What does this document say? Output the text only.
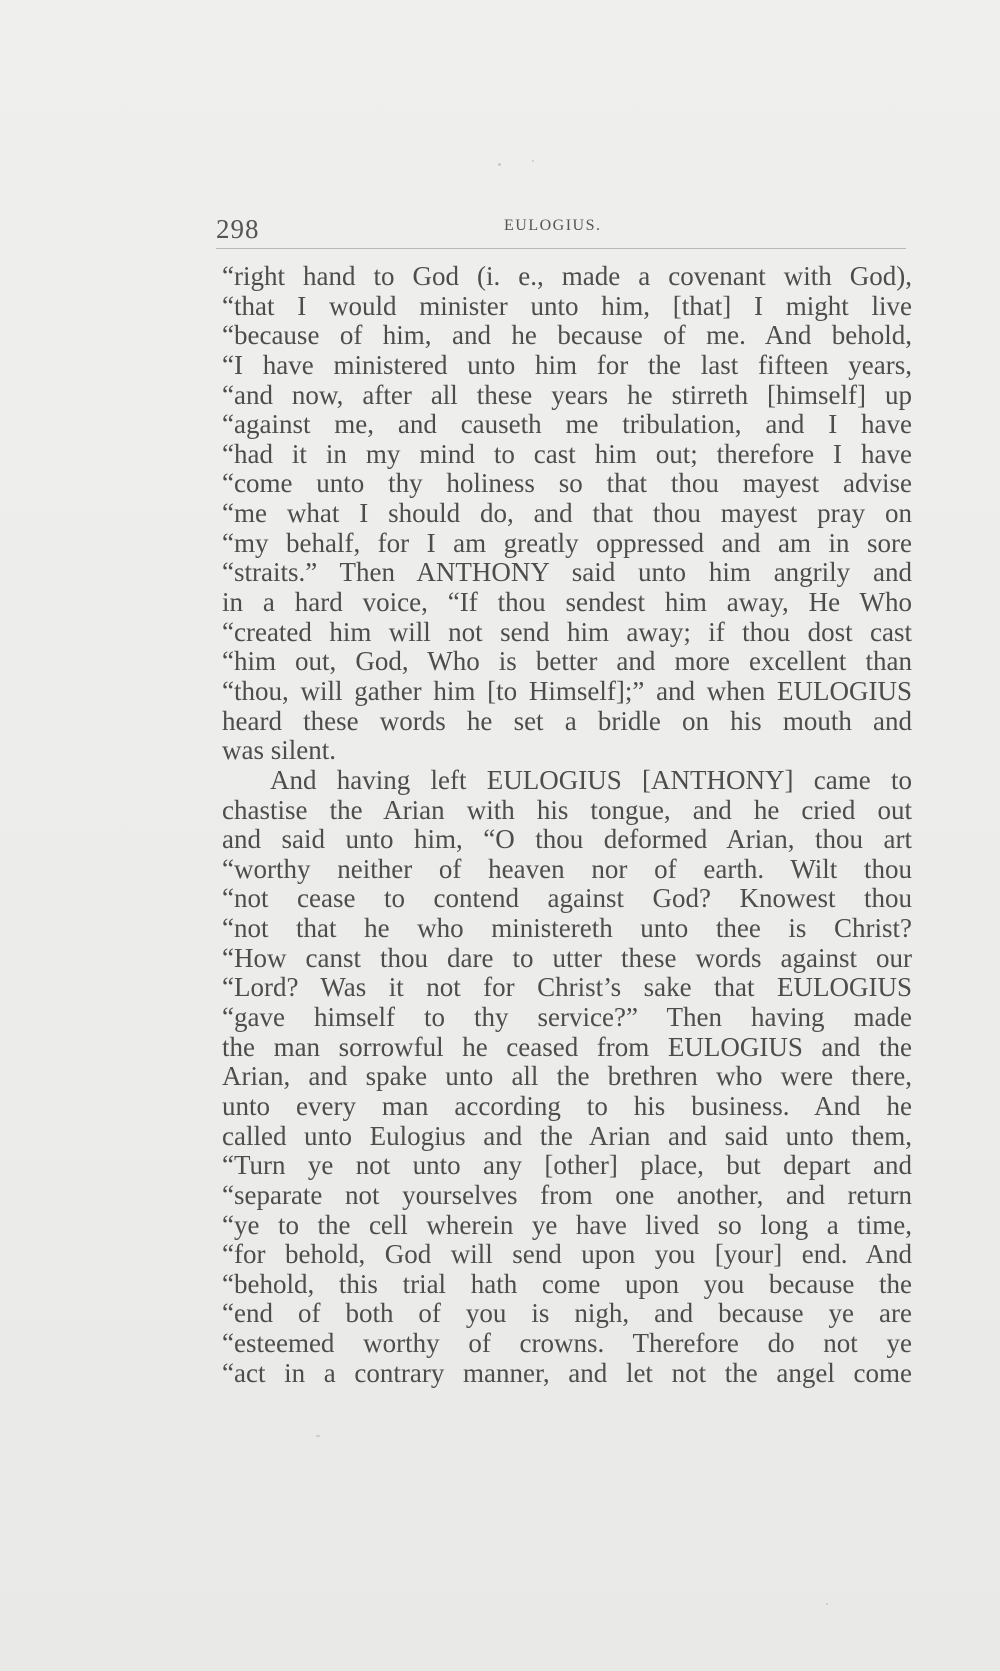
298	EULOGIUS.
“right hand to God (i. e., made a covenant with God),
“that I would minister unto him, [that] I might live
“because of him, and he because of me. And behold,
“I have ministered unto him for the last fifteen years,
“and now, after all these years he stirreth [himself] up
“against me, and causeth me tribulation, and I have
“had it in my mind to cast him out; therefore I have
“come unto thy holiness so that thou mayest advise
“me what I should do, and that thou mayest pray on
“my behalf, for I am greatly oppressed and am in sore
“straits.” Then ANTHONY said unto him angrily and
in a hard voice, “If thou sendest him away, He Who
“created him will not send him away; if thou dost cast
“him out, God, Who is better and more excellent than
“thou, will gather him [to Himself];” and when EULOGIUS
heard these words he set a bridle on his mouth and
was silent.
And having left EULOGIUS [ANTHONY] came to
chastise the Arian with his tongue, and he cried out
and said unto him, “O thou deformed Arian, thou art
“worthy neither of heaven nor of earth. Wilt thou
“not cease to contend against God? Knowest thou
“not that he who ministereth unto thee is Christ?
“How canst thou dare to utter these words against our
“Lord? Was it not for Christ’s sake that EULOGIUS
“gave himself to thy service?” Then having made
the man sorrowful he ceased from EULOGIUS and the
Arian, and spake unto all the brethren who were there,
unto every man according to his business. And he
called unto Eulogius and the Arian and said unto them,
“Turn ye not unto any [other] place, but depart and
“separate not yourselves from one another, and return
“ye to the cell wherein ye have lived so long a time,
“for behold, God will send upon you [your] end. And
“behold, this trial hath come upon you because the
“end of both of you is nigh, and because ye are
“esteemed worthy of crowns. Therefore do not ye
“act in a contrary manner, and let not the angel come
